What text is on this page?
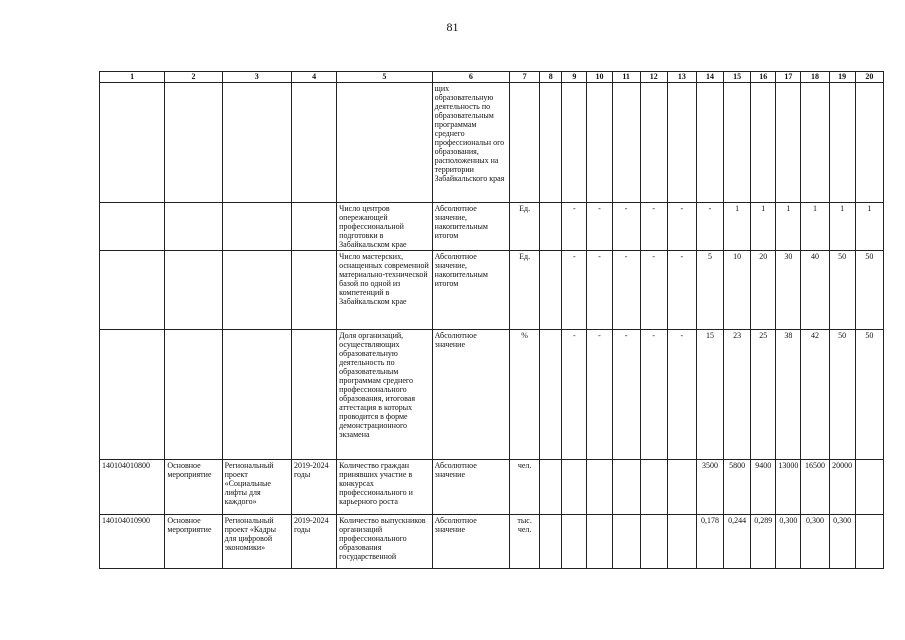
81
1	2	3	4	5	6	7	8	9	10	11	12	13	14	15	16	17	18	19	20
					щих образовательную деятельность по образовательным программам среднего профессиональн ого образования, расположенных на территории Забайкальского края														
				Число центров опережающей профессиональной подготовки в Забайкальском крае	Абсолютное значение, накопительным итогом	Ед.		-	-	-	-	-	-	1	1	1	1	1	1
				Число мастерских, оснащенных современной материально-технической базой по одной из компетенций в Забайкальском крае	Абсолютное значение, накопительным итогом	Ед.		-	-	-	-	-	5	10	20	30	40	50	50
				Доля организаций, осуществляющих образовательную деятельность по образовательным программам среднего профессионального образования, итоговая аттестация в которых проводится в форме демонстрационного экзамена	Абсолютное значение	%		-	-	-	-	-	15	23	25	38	42	50	50
140104010800	Основное мероприятие	Региональный проект «Социальные лифты для каждого»	2019-2024 годы	Количество граждан принявших участие в конкурсах профессионального и карьерного роста	Абсолютное значение	чел.							3500	5800	9400	13000	16500	20000	
140104010900	Основное мероприятие	Региональный проект «Кадры для цифровой экономики»	2019-2024 годы	Количество выпускников организаций профессионального образования государственной	Абсолютное значение	тыс. чел.							0,178	0,244	0,289	0,300	0,300	0,300	
